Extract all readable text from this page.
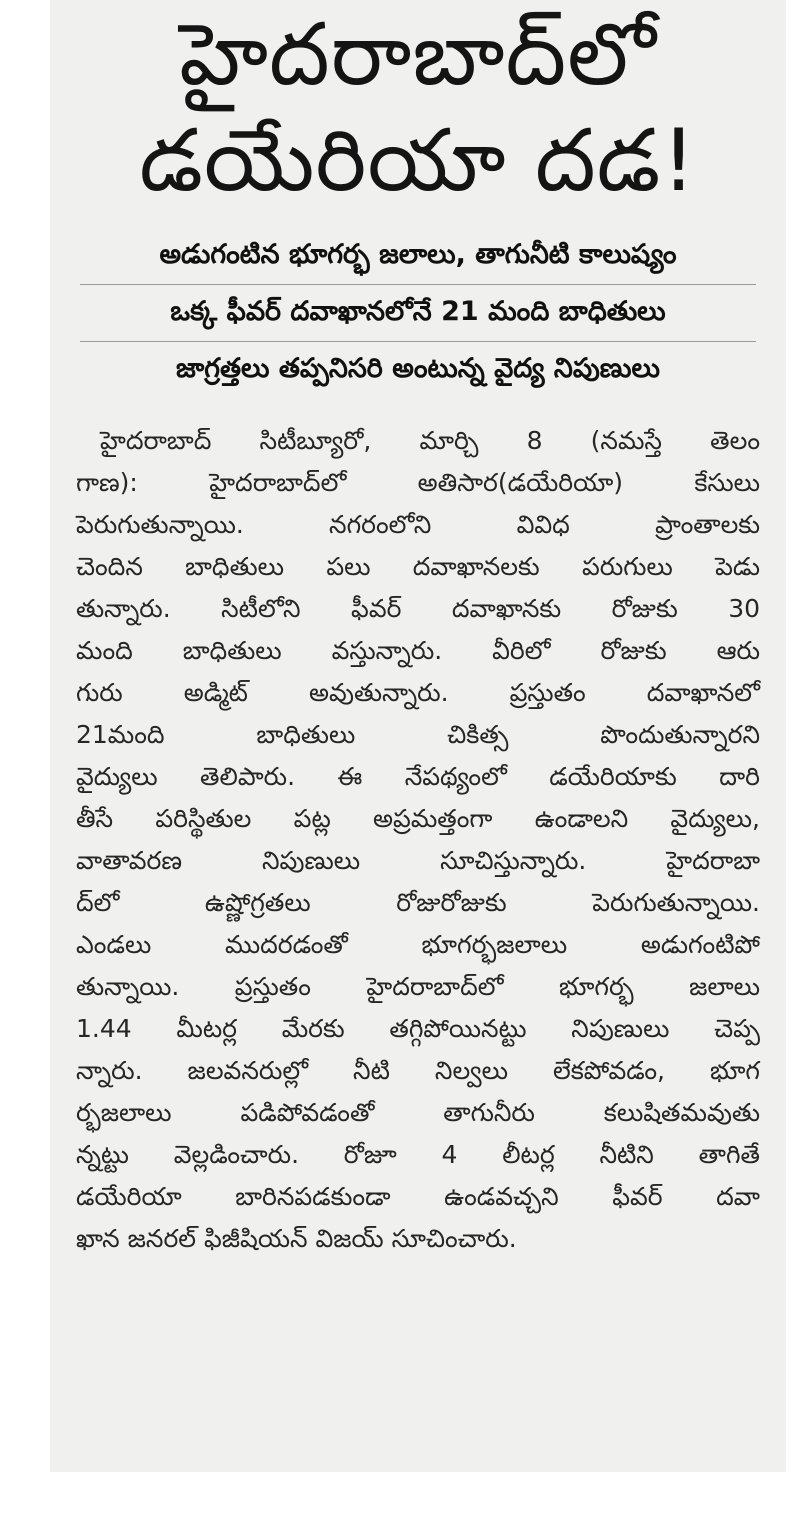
హైదరాబాద్‌లో
డయేరియా దడ!

అడుగంటిన భూగర్భ జలాలు, తాగునీటి కాలుష్యం

ఒక్క ఫీవర్ దవాఖానలోనే 21 మంది బాధితులు

జాగ్రత్తలు తప్పనిసరి అంటున్న వైద్య నిపుణులు

హైదరాబాద్ సిటీబ్యూరో, మార్చి 8 (నమస్తే తెలం
గాణ): హైదరాబాద్‌లో అతిసార(డయేరియా) కేసులు
పెరుగుతున్నాయి. నగరంలోని వివిధ ప్రాంతాలకు
చెందిన బాధితులు పలు దవాఖానలకు పరుగులు పెడు
తున్నారు. సిటీలోని ఫీవర్ దవాఖానకు రోజుకు 30
మంది బాధితులు వస్తున్నారు. వీరిలో రోజుకు ఆరు
గురు అడ్మిట్ అవుతున్నారు. ప్రస్తుతం దవాఖానలో
21మంది బాధితులు చికిత్స పొందుతున్నారని
వైద్యులు తెలిపారు. ఈ నేపథ్యంలో డయేరియాకు దారి
తీసే పరిస్థితుల పట్ల అప్రమత్తంగా ఉండాలని వైద్యులు,
వాతావరణ నిపుణులు సూచిస్తున్నారు. హైదరాబా
ద్‌లో ఉష్ణోగ్రతలు రోజురోజుకు పెరుగుతున్నాయి.
ఎండలు ముదరడంతో భూగర్భజలాలు అడుగంటిపో
తున్నాయి. ప్రస్తుతం హైదరాబాద్‌లో భూగర్భ జలాలు
1.44 మీటర్ల మేరకు తగ్గిపోయినట్టు నిపుణులు చెప్ప
న్నారు. జలవనరుల్లో నీటి నిల్వలు లేకపోవడం, భూగ
ర్భజలాలు పడిపోవడంతో తాగునీరు కలుషితమవుతు
న్నట్టు వెల్లడించారు. రోజూ 4 లీటర్ల నీటిని తాగితే
డయేరియా బారినపడకుండా ఉండవచ్చని ఫీవర్ దవా
ఖాన జనరల్ ఫిజీషియన్ విజయ్ సూచించారు.
